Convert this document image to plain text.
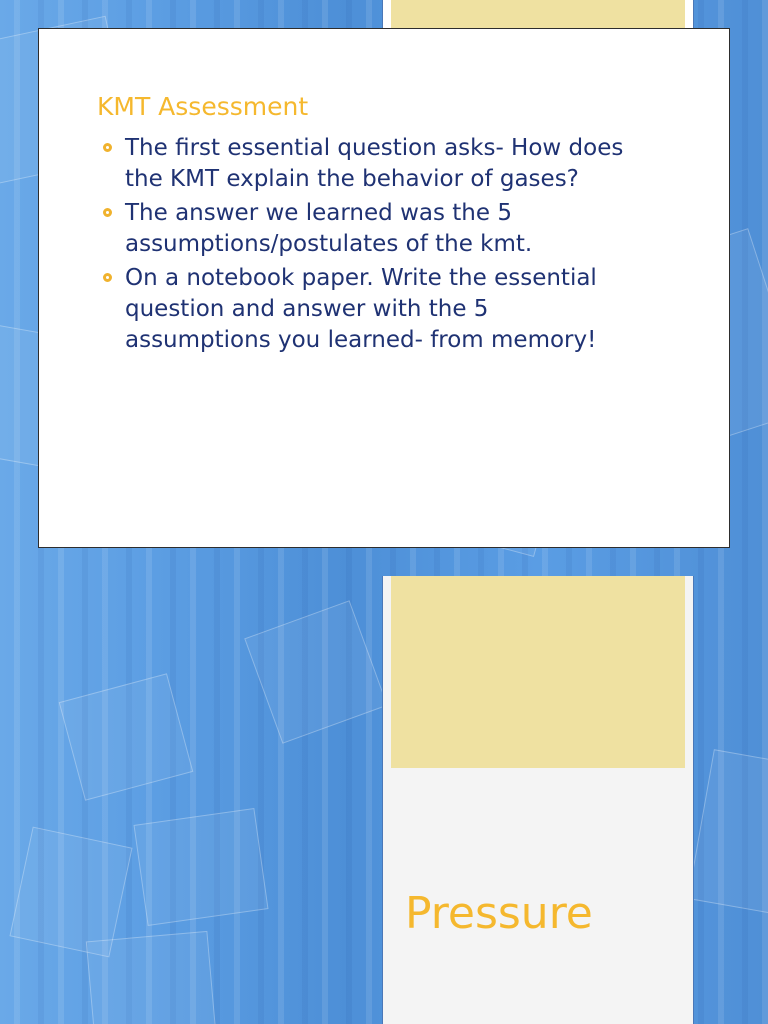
KMT Assessment
The first essential question asks- How does the KMT explain the behavior of gases?
The answer we learned was the 5 assumptions/postulates of the kmt.
On a notebook paper. Write the essential question and answer with the 5 assumptions you learned- from memory!
Pressure
